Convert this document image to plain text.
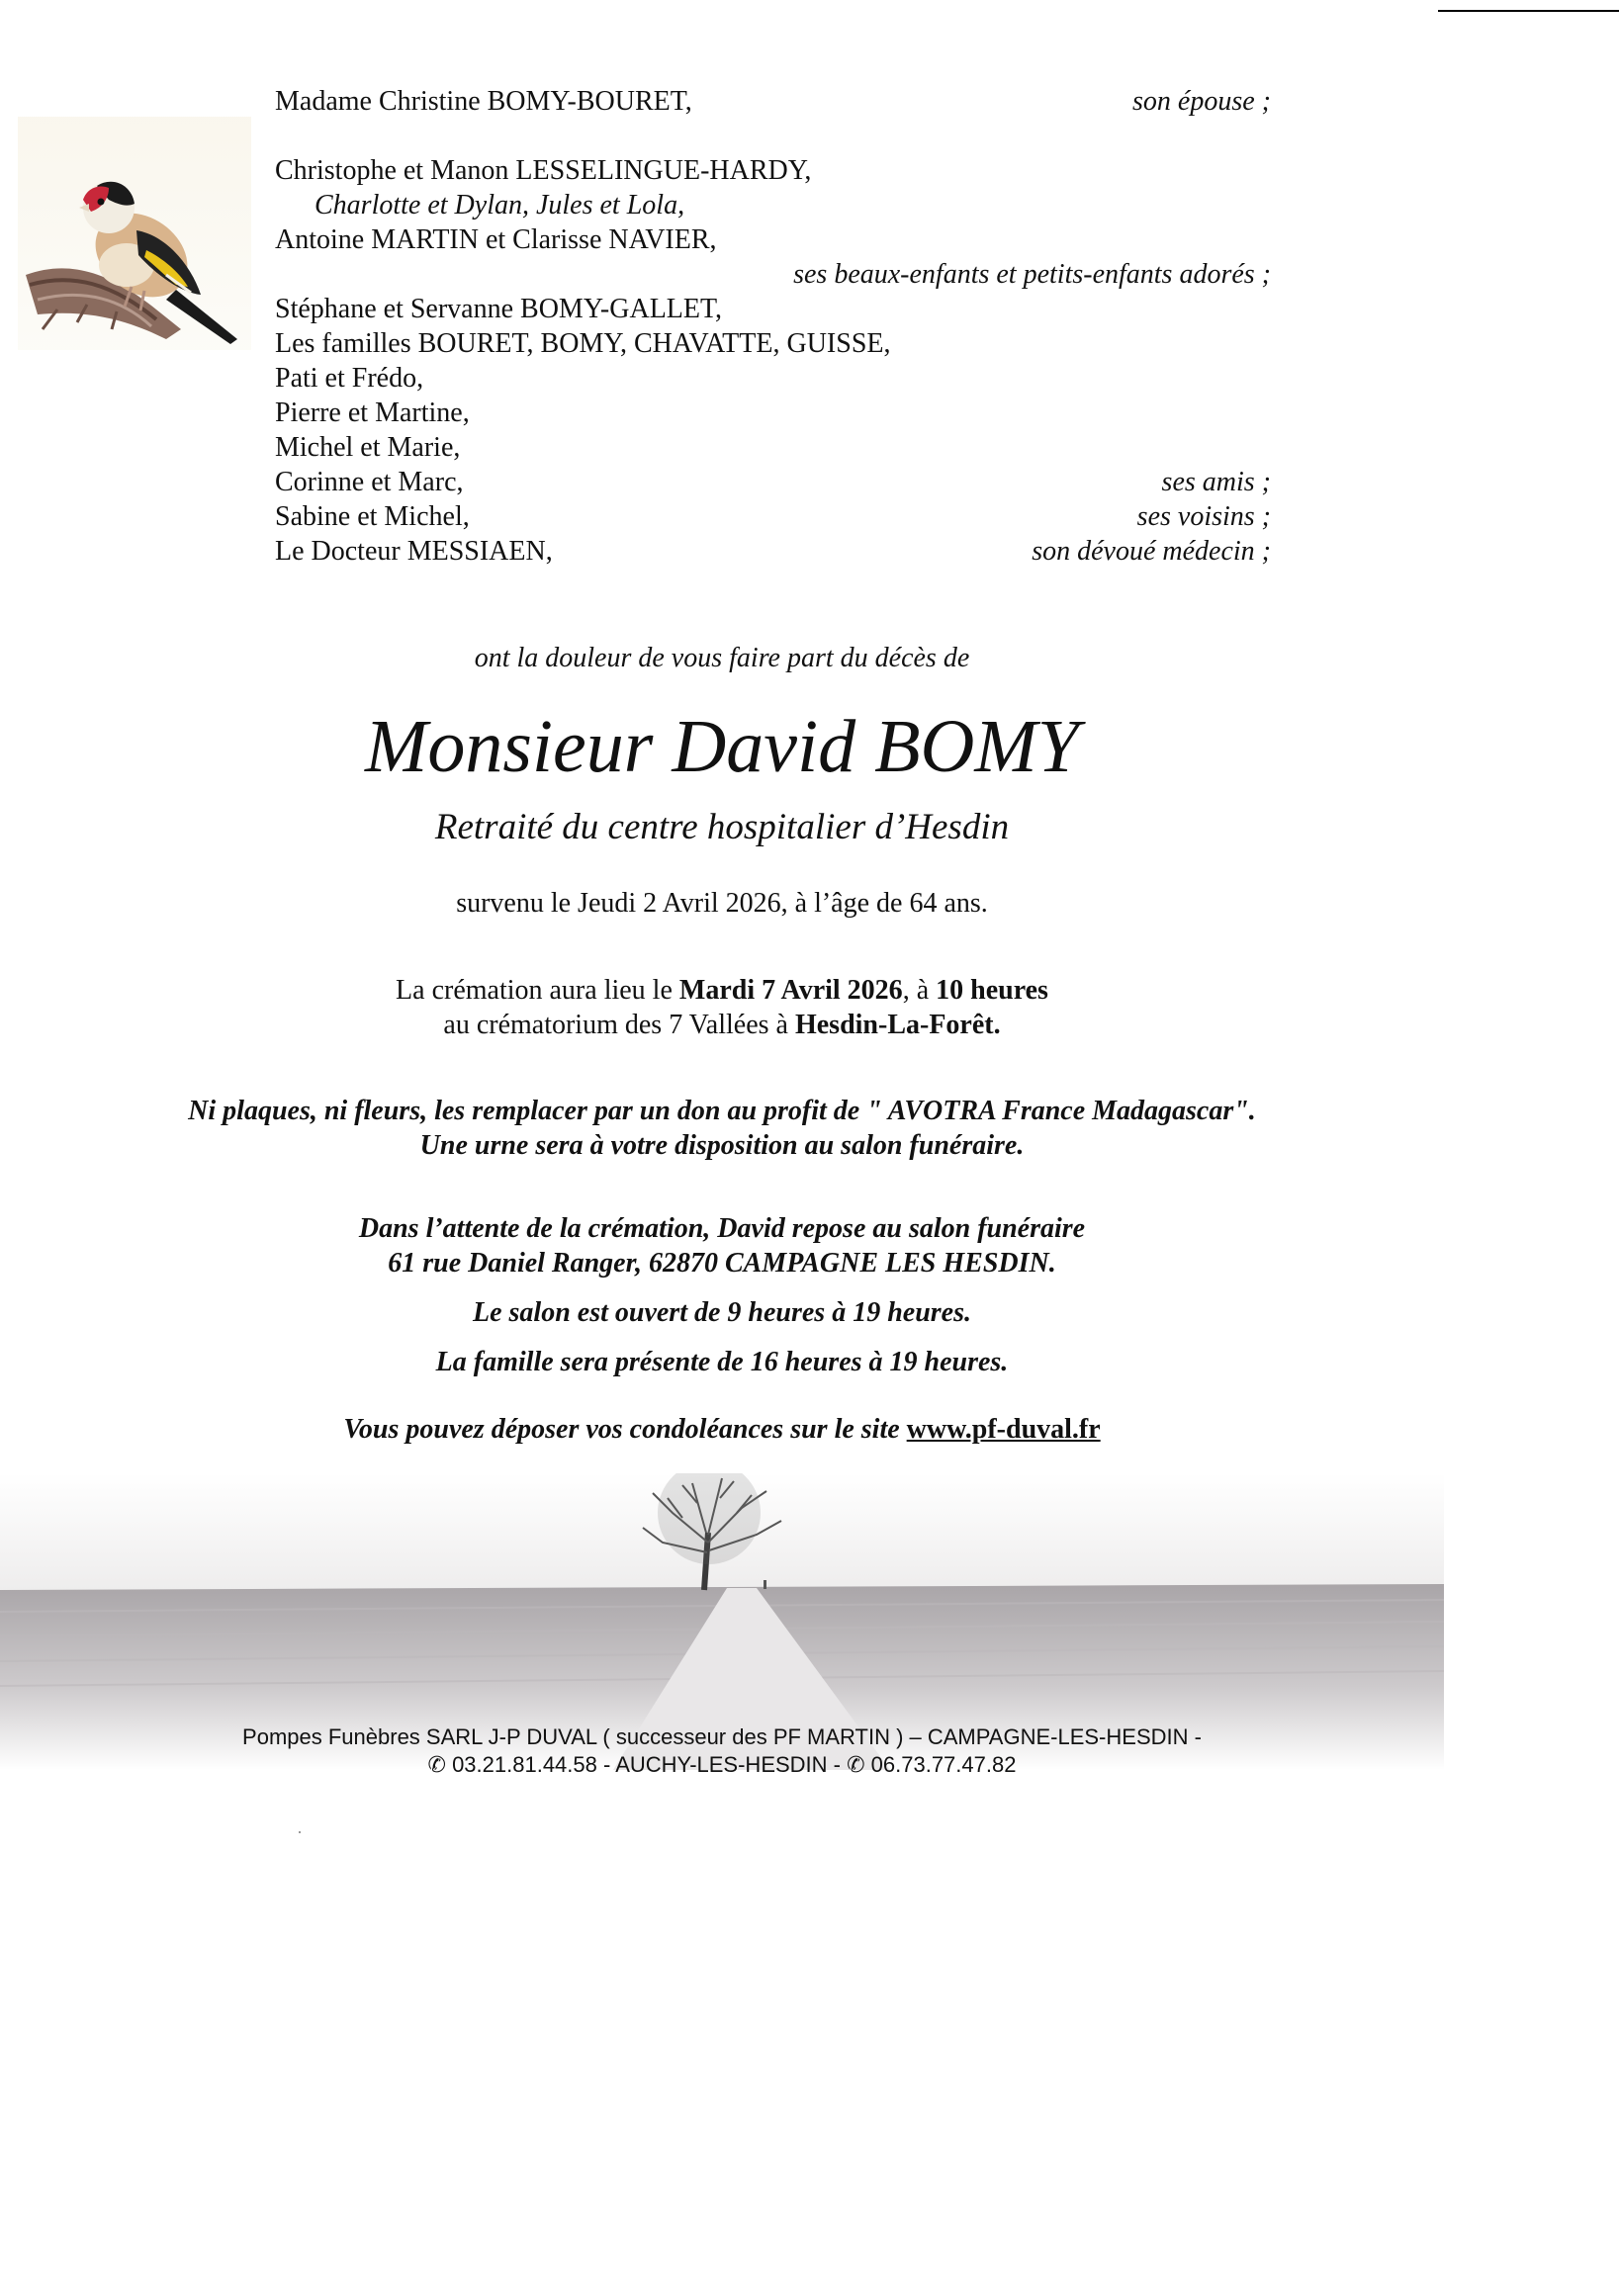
Madame Christine BOMY-BOURET,	son épouse ;
Christophe et Manon LESSELINGUE-HARDY,
Charlotte et Dylan, Jules et Lola,
Antoine MARTIN et Clarisse NAVIER,
ses beaux-enfants et petits-enfants adorés ;
Stéphane et Servanne BOMY-GALLET,
Les familles BOURET, BOMY, CHAVATTE, GUISSE,
Pati et Frédo,
Pierre et Martine,
Michel et Marie,
Corinne et Marc,	ses amis ;
Sabine et Michel,	ses voisins ;
Le Docteur MESSIAEN,	son dévoué médecin ;
ont la douleur de vous faire part du décès de
Monsieur David BOMY
Retraité du centre hospitalier d’Hesdin
survenu le Jeudi 2 Avril 2026, à l’âge de 64 ans.
La crémation aura lieu le Mardi 7 Avril 2026, à 10 heures
au crématorium des 7 Vallées à Hesdin-La-Forêt.
Ni plaques, ni fleurs, les remplacer par un don au profit de " AVOTRA France Madagascar".
Une urne sera à votre disposition au salon funéraire.
Dans l’attente de la crémation, David repose au salon funéraire
61 rue Daniel Ranger, 62870 CAMPAGNE LES HESDIN.
Le salon est ouvert de 9 heures à 19 heures.
La famille sera présente de 16 heures à 19 heures.
Vous pouvez déposer vos condoléances sur le site www.pf-duval.fr
Pompes Funèbres SARL J-P DUVAL ( successeur des PF MARTIN ) – CAMPAGNE-LES-HESDIN -
✆ 03.21.81.44.58 - AUCHY-LES-HESDIN - ✆ 06.73.77.47.82
